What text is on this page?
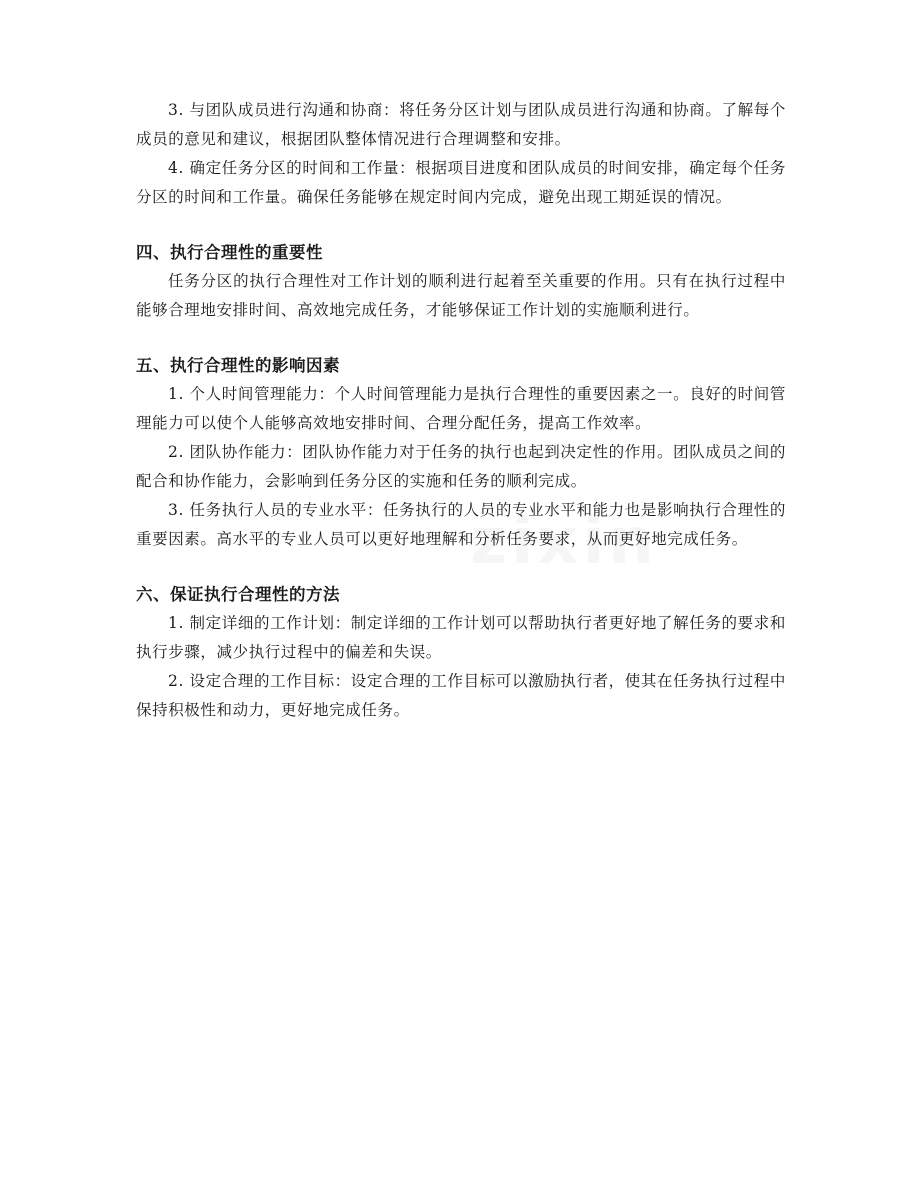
3. 与团队成员进行沟通和协商：将任务分区计划与团队成员进行沟通和协商。了解每个成员的意见和建议，根据团队整体情况进行合理调整和安排。

4. 确定任务分区的时间和工作量：根据项目进度和团队成员的时间安排，确定每个任务分区的时间和工作量。确保任务能够在规定时间内完成，避免出现工期延误的情况。

四、执行合理性的重要性

任务分区的执行合理性对工作计划的顺利进行起着至关重要的作用。只有在执行过程中能够合理地安排时间、高效地完成任务，才能够保证工作计划的实施顺利进行。

五、执行合理性的影响因素

1. 个人时间管理能力：个人时间管理能力是执行合理性的重要因素之一。良好的时间管理能力可以使个人能够高效地安排时间、合理分配任务，提高工作效率。

2. 团队协作能力：团队协作能力对于任务的执行也起到决定性的作用。团队成员之间的配合和协作能力，会影响到任务分区的实施和任务的顺利完成。

3. 任务执行人员的专业水平：任务执行的人员的专业水平和能力也是影响执行合理性的重要因素。高水平的专业人员可以更好地理解和分析任务要求，从而更好地完成任务。

六、保证执行合理性的方法

1. 制定详细的工作计划：制定详细的工作计划可以帮助执行者更好地了解任务的要求和执行步骤，减少执行过程中的偏差和失误。

2. 设定合理的工作目标：设定合理的工作目标可以激励执行者，使其在任务执行过程中保持积极性和动力，更好地完成任务。
